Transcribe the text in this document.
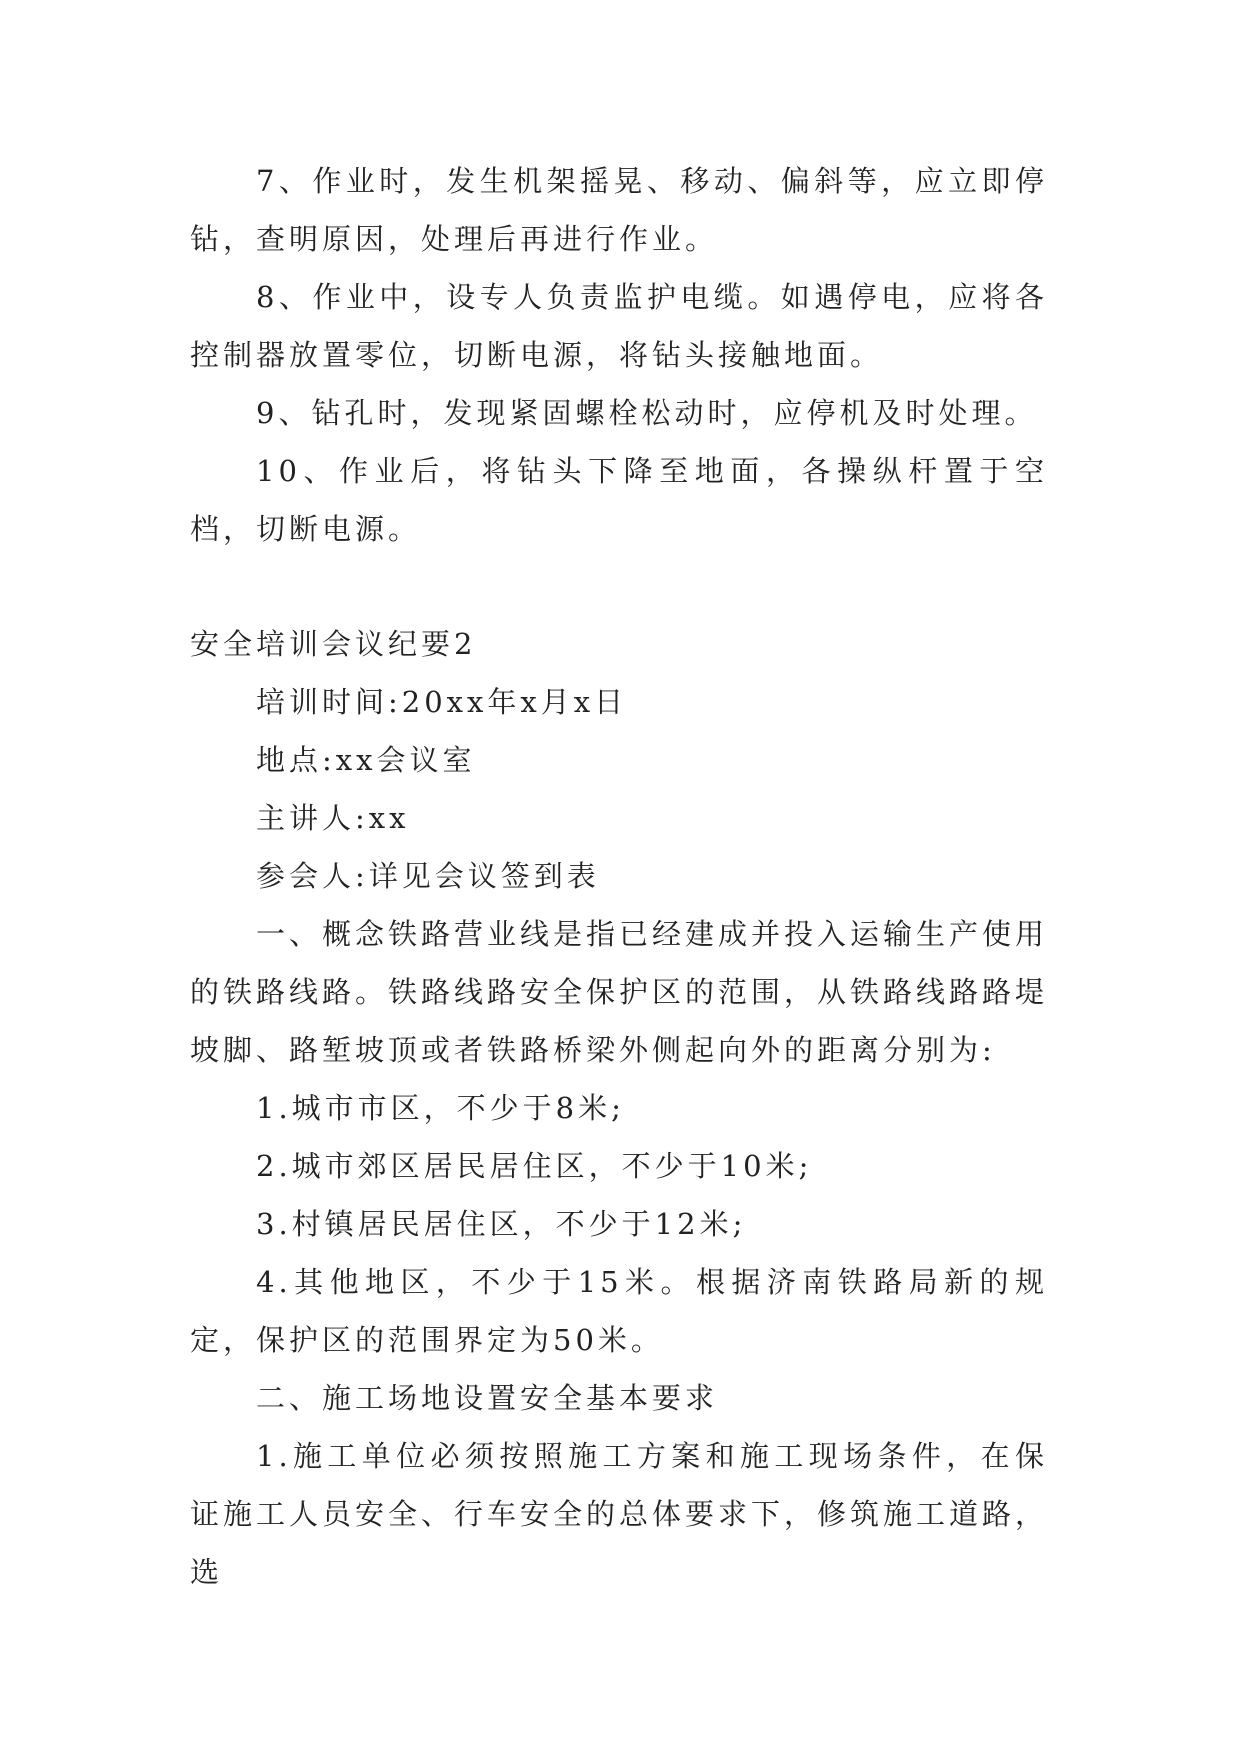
7、作业时，发生机架摇晃、移动、偏斜等，应立即停钻，查明原因，处理后再进行作业。

8、作业中，设专人负责监护电缆。如遇停电，应将各控制器放置零位，切断电源，将钻头接触地面。

9、钻孔时，发现紧固螺栓松动时，应停机及时处理。

10、作业后，将钻头下降至地面，各操纵杆置于空档，切断电源。

安全培训会议纪要2

培训时间:20xx年x月x日

地点:xx会议室

主讲人:xx

参会人:详见会议签到表

一、概念铁路营业线是指已经建成并投入运输生产使用的铁路线路。铁路线路安全保护区的范围，从铁路线路路堤坡脚、路堑坡顶或者铁路桥梁外侧起向外的距离分别为:

1.城市市区，不少于8米;

2.城市郊区居民居住区，不少于10米;

3.村镇居民居住区，不少于12米;

4.其他地区，不少于15米。根据济南铁路局新的规定，保护区的范围界定为50米。

二、施工场地设置安全基本要求

1.施工单位必须按照施工方案和施工现场条件，在保证施工人员安全、行车安全的总体要求下，修筑施工道路，选
